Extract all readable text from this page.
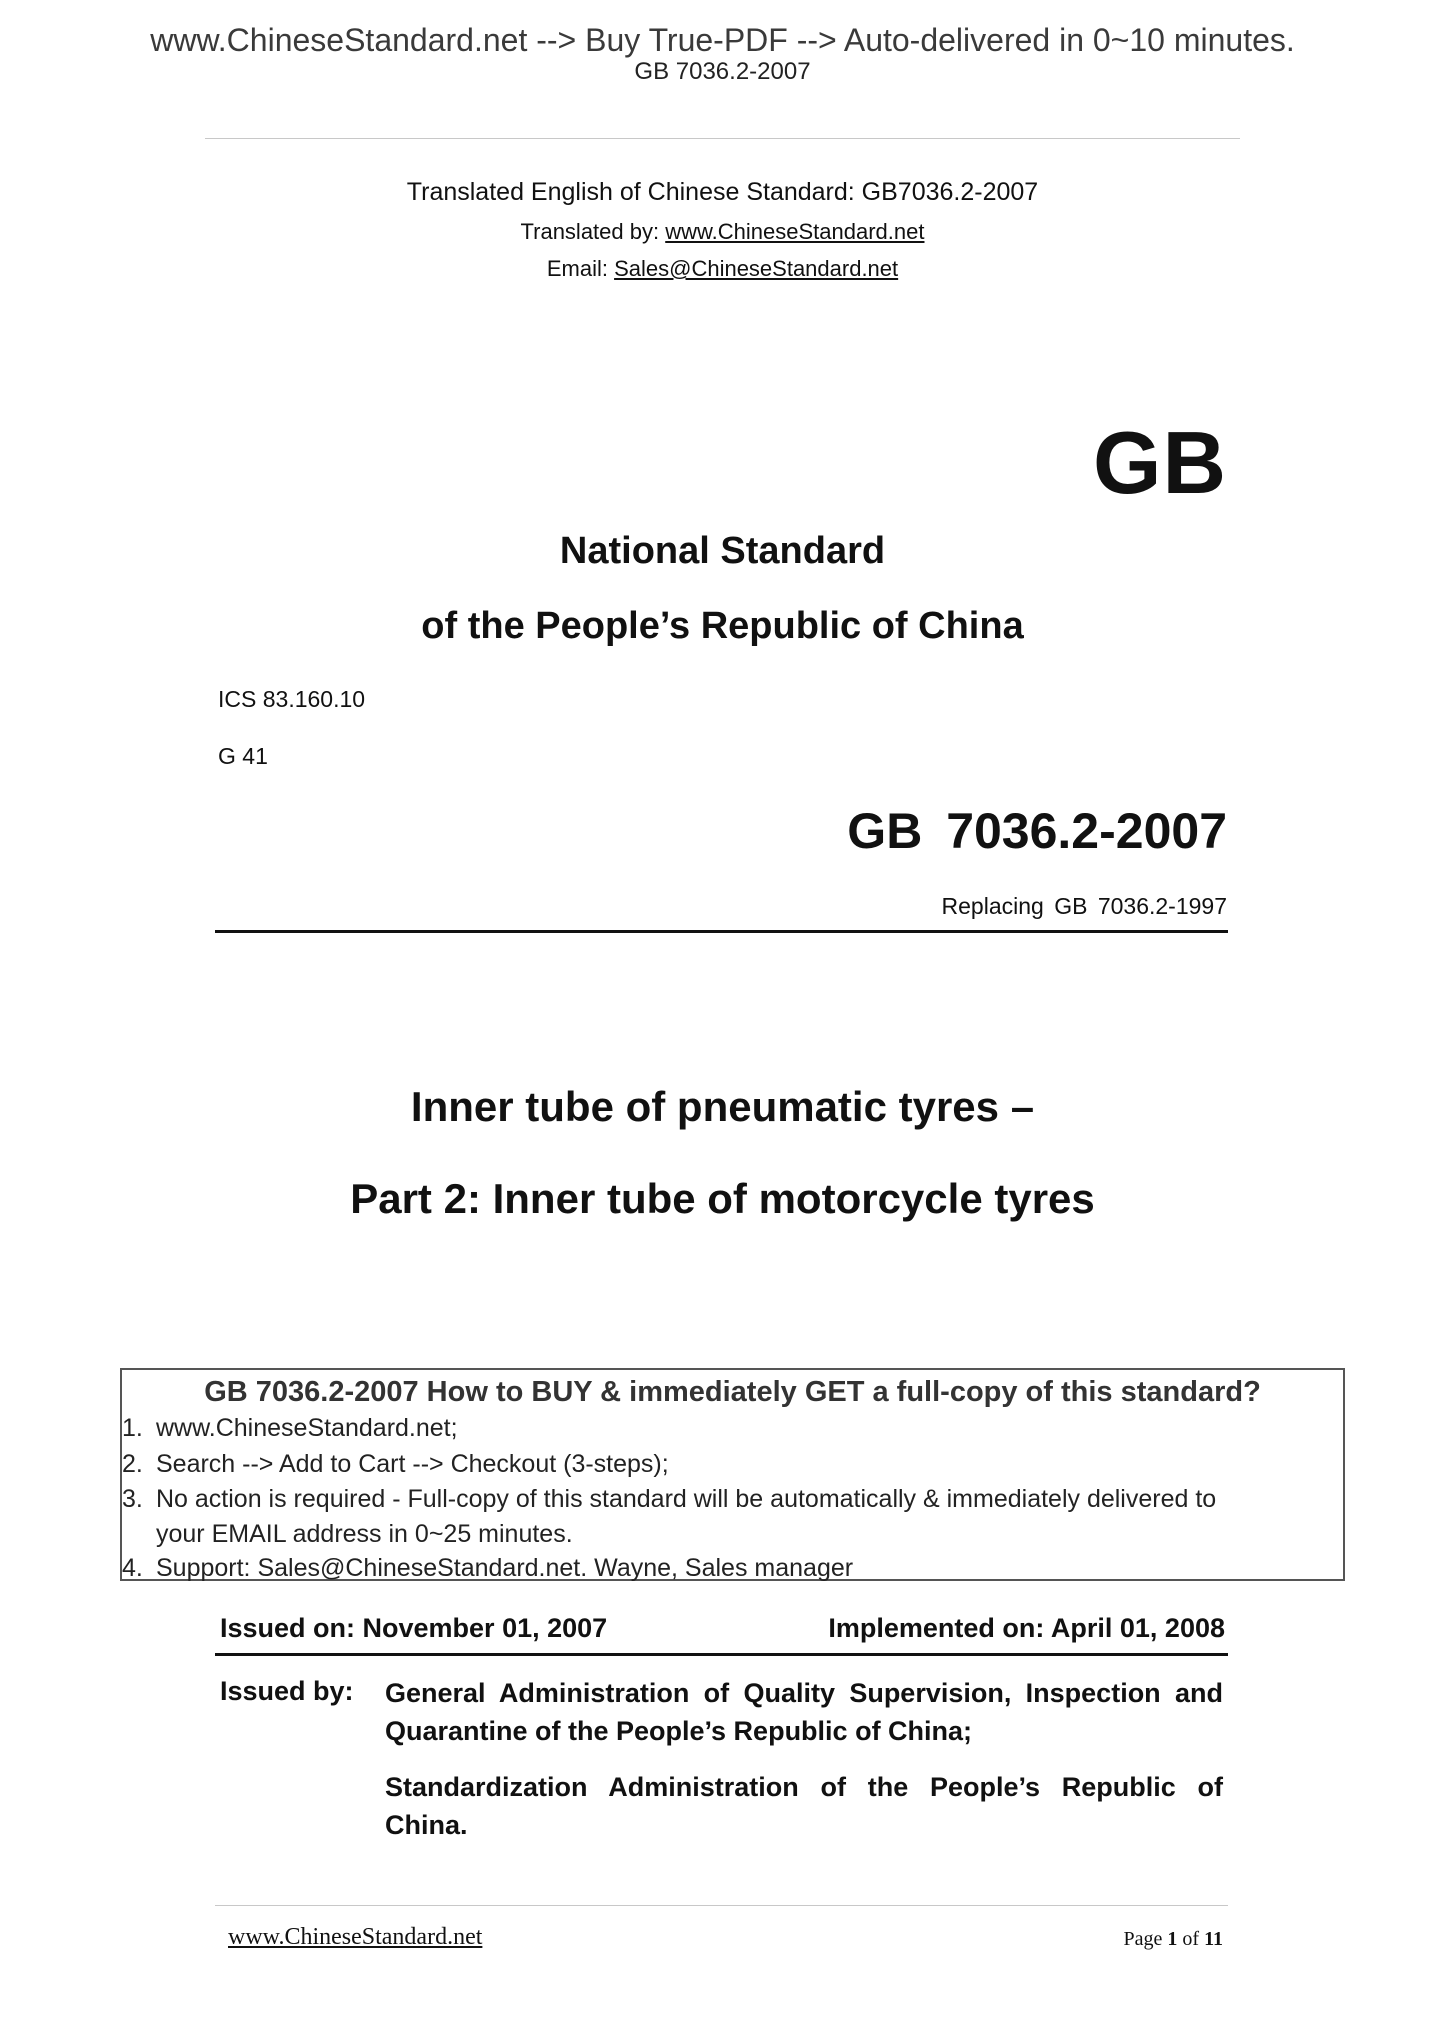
www.ChineseStandard.net --> Buy True-PDF --> Auto-delivered in 0~10 minutes.
GB 7036.2-2007
Translated English of Chinese Standard: GB7036.2-2007
Translated by: www.ChineseStandard.net
Email: Sales@ChineseStandard.net
GB
National Standard
of the People’s Republic of China
ICS 83.160.10
G 41
GB 7036.2-2007
Replacing GB 7036.2-1997
Inner tube of pneumatic tyres –
Part 2: Inner tube of motorcycle tyres
GB 7036.2-2007 How to BUY & immediately GET a full-copy of this standard?
1. www.ChineseStandard.net;
2. Search --> Add to Cart --> Checkout (3-steps);
3. No action is required - Full-copy of this standard will be automatically & immediately delivered to
your EMAIL address in 0~25 minutes.
4. Support: Sales@ChineseStandard.net. Wayne, Sales manager
Issued on: November 01, 2007	Implemented on: April 01, 2008
Issued by: General Administration of Quality Supervision, Inspection and Quarantine of the People’s Republic of China;
Standardization Administration of the People’s Republic of China.
www.ChineseStandard.net	Page 1 of 11
